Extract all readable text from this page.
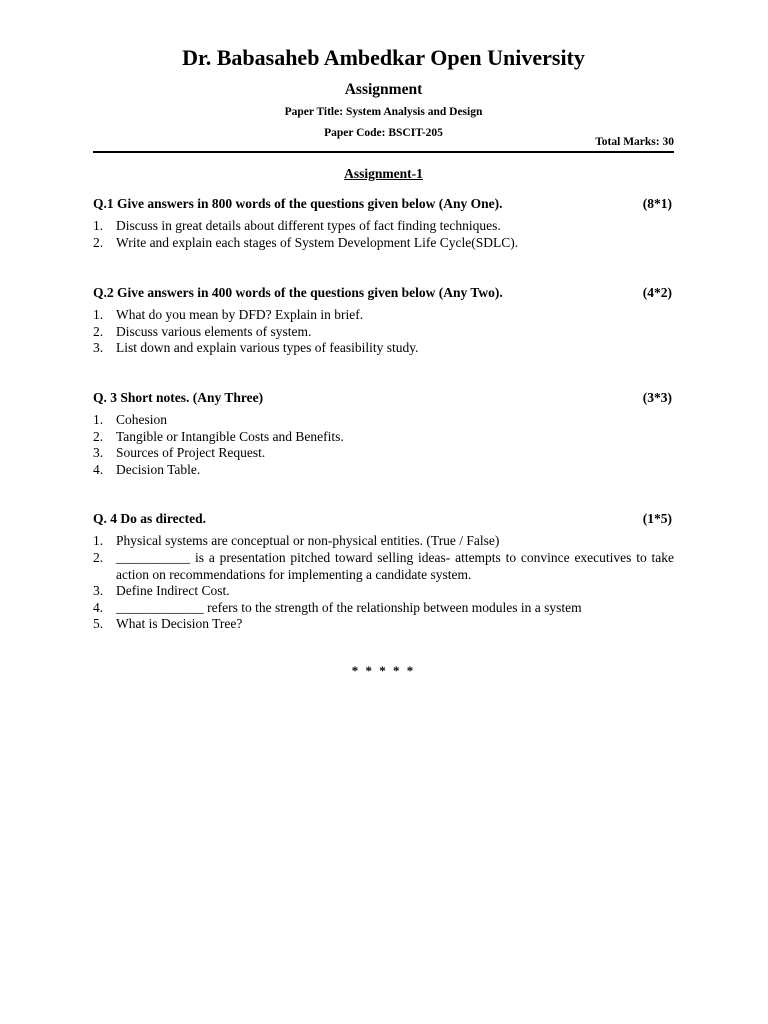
Dr. Babasaheb Ambedkar Open University
Assignment
Paper Title: System Analysis and Design
Paper Code: BSCIT-205
Total Marks: 30
Assignment-1
Q.1 Give answers in 800 words of the questions given below (Any One).	(8*1)
1. Discuss in great details about different types of fact finding techniques.
2. Write and explain each stages of System Development Life Cycle(SDLC).
Q.2 Give answers in 400 words of the questions given below (Any Two).	(4*2)
1. What do you mean by DFD? Explain in brief.
2. Discuss various elements of system.
3. List down and explain various types of feasibility study.
Q. 3 Short notes. (Any Three)	(3*3)
1. Cohesion
2. Tangible or Intangible Costs and Benefits.
3. Sources of Project Request.
4. Decision Table.
Q. 4 Do as directed.	(1*5)
1. Physical systems are conceptual or non-physical entities. (True / False)
2. ___________ is a presentation pitched toward selling ideas- attempts to convince executives to take action on recommendations for implementing a candidate system.
3. Define Indirect Cost.
4. _____________ refers to the strength of the relationship between modules in a system
5. What is Decision Tree?
* * * * *
